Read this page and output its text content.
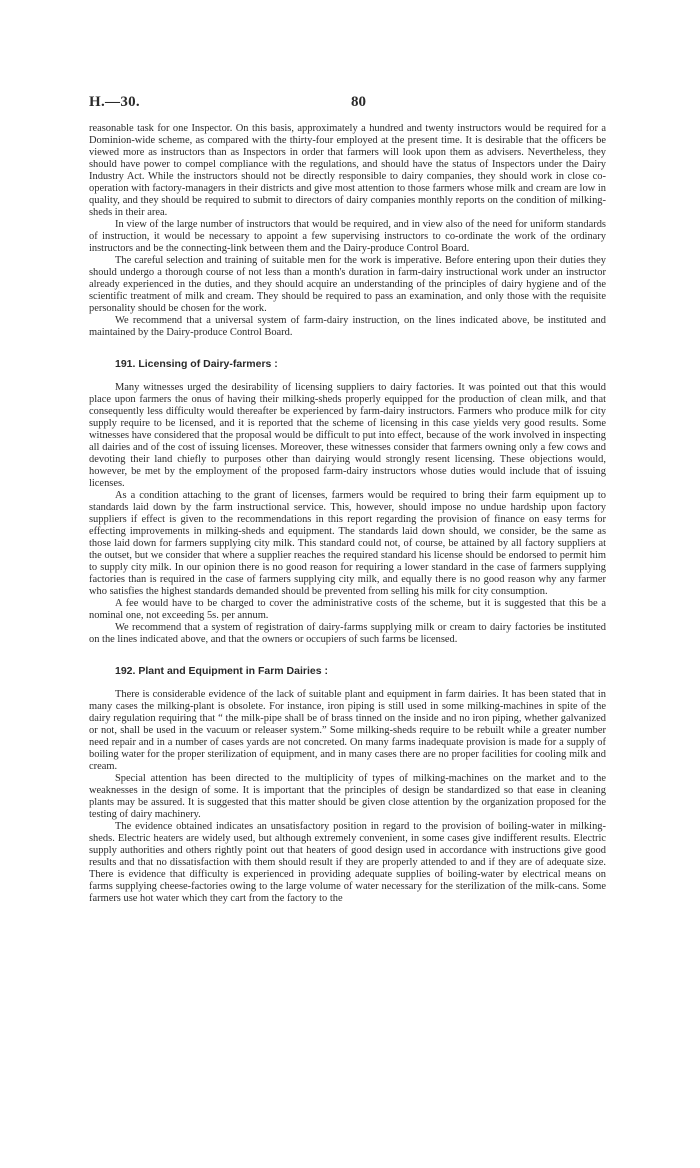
H.—30.	80

reasonable task for one Inspector. On this basis, approximately a hundred and twenty instructors would be required for a Dominion-wide scheme, as compared with the thirty-four employed at the present time. It is desirable that the officers be viewed more as instructors than as Inspectors in order that farmers will look upon them as advisers. Nevertheless, they should have power to compel compliance with the regulations, and should have the status of Inspectors under the Dairy Industry Act. While the instructors should not be directly responsible to dairy companies, they should work in close co-operation with factory-managers in their districts and give most attention to those farmers whose milk and cream are low in quality, and they should be required to submit to directors of dairy companies monthly reports on the condition of milking-sheds in their area.

In view of the large number of instructors that would be required, and in view also of the need for uniform standards of instruction, it would be necessary to appoint a few supervising instructors to co-ordinate the work of the ordinary instructors and be the connecting-link between them and the Dairy-produce Control Board.

The careful selection and training of suitable men for the work is imperative. Before entering upon their duties they should undergo a thorough course of not less than a month's duration in farm-dairy instructional work under an instructor already experienced in the duties, and they should acquire an understanding of the principles of dairy hygiene and of the scientific treatment of milk and cream. They should be required to pass an examination, and only those with the requisite personality should be chosen for the work.

We recommend that a universal system of farm-dairy instruction, on the lines indicated above, be instituted and maintained by the Dairy-produce Control Board.

191. Licensing of Dairy-farmers :

Many witnesses urged the desirability of licensing suppliers to dairy factories. It was pointed out that this would place upon farmers the onus of having their milking-sheds properly equipped for the production of clean milk, and that consequently less difficulty would thereafter be experienced by farm-dairy instructors. Farmers who produce milk for city supply require to be licensed, and it is reported that the scheme of licensing in this case yields very good results. Some witnesses have considered that the proposal would be difficult to put into effect, because of the work involved in inspecting all dairies and of the cost of issuing licenses. Moreover, these witnesses consider that farmers owning only a few cows and devoting their land chiefly to purposes other than dairying would strongly resent licensing. These objections would, however, be met by the employment of the proposed farm-dairy instructors whose duties would include that of issuing licenses.

As a condition attaching to the grant of licenses, farmers would be required to bring their farm equipment up to standards laid down by the farm instructional service. This, however, should impose no undue hardship upon factory suppliers if effect is given to the recommendations in this report regarding the provision of finance on easy terms for effecting improvements in milking-sheds and equipment. The standards laid down should, we consider, be the same as those laid down for farmers supplying city milk. This standard could not, of course, be attained by all factory suppliers at the outset, but we consider that where a supplier reaches the required standard his license should be endorsed to permit him to supply city milk. In our opinion there is no good reason for requiring a lower standard in the case of farmers supplying factories than is required in the case of farmers supplying city milk, and equally there is no good reason why any farmer who satisfies the highest standards demanded should be prevented from selling his milk for city consumption.

A fee would have to be charged to cover the administrative costs of the scheme, but it is suggested that this be a nominal one, not exceeding 5s. per annum.

We recommend that a system of registration of dairy-farms supplying milk or cream to dairy factories be instituted on the lines indicated above, and that the owners or occupiers of such farms be licensed.

192. Plant and Equipment in Farm Dairies :

There is considerable evidence of the lack of suitable plant and equipment in farm dairies. It has been stated that in many cases the milking-plant is obsolete. For instance, iron piping is still used in some milking-machines in spite of the dairy regulation requiring that “ the milk-pipe shall be of brass tinned on the inside and no iron piping, whether galvanized or not, shall be used in the vacuum or releaser system.” Some milking-sheds require to be rebuilt while a greater number need repair and in a number of cases yards are not concreted. On many farms inadequate provision is made for a supply of boiling water for the proper sterilization of equipment, and in many cases there are no proper facilities for cooling milk and cream.

Special attention has been directed to the multiplicity of types of milking-machines on the market and to the weaknesses in the design of some. It is important that the principles of design be standardized so that ease in cleaning plants may be assured. It is suggested that this matter should be given close attention by the organization proposed for the testing of dairy machinery.

The evidence obtained indicates an unsatisfactory position in regard to the provision of boiling-water in milking-sheds. Electric heaters are widely used, but although extremely convenient, in some cases give indifferent results. Electric supply authorities and others rightly point out that heaters of good design used in accordance with instructions give good results and that no dissatisfaction with them should result if they are properly attended to and if they are of adequate size. There is evidence that difficulty is experienced in providing adequate supplies of boiling-water by electrical means on farms supplying cheese-factories owing to the large volume of water necessary for the sterilization of the milk-cans. Some farmers use hot water which they cart from the factory to the
